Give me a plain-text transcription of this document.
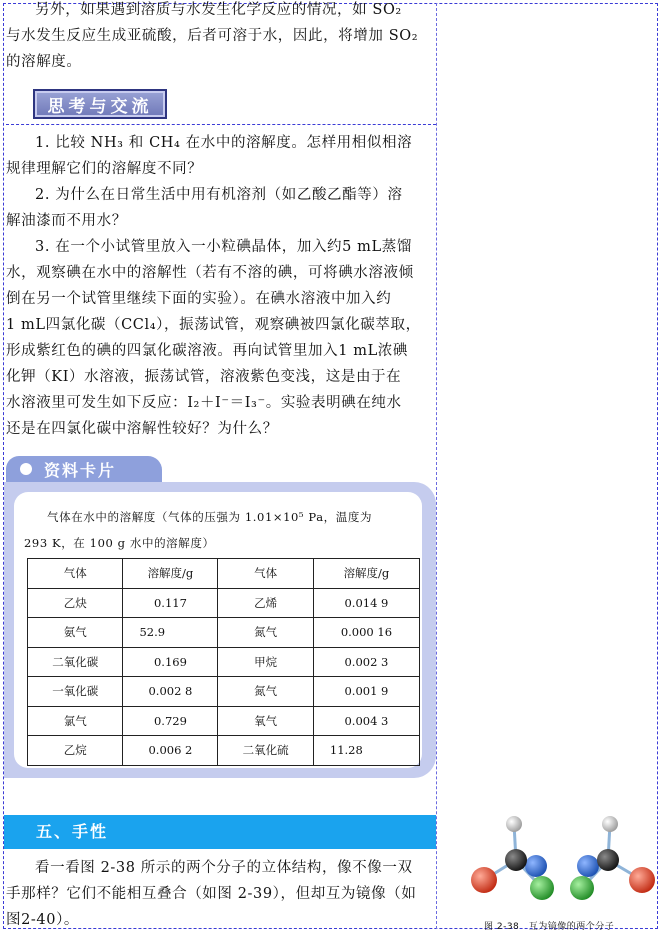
另外，如果遇到溶质与水发生化学反应的情况，如 SO₂

与水发生反应生成亚硫酸，后者可溶于水，因此，将增加 SO₂

的溶解度。

思考与交流

1. 比较 NH₃ 和 CH₄ 在水中的溶解度。怎样用相似相溶

规律理解它们的溶解度不同？

2. 为什么在日常生活中用有机溶剂（如乙酸乙酯等）溶

解油漆而不用水？

3. 在一个小试管里放入一小粒碘晶体，加入约5 mL蒸馏

水，观察碘在水中的溶解性（若有不溶的碘，可将碘水溶液倾

倒在另一个试管里继续下面的实验）。在碘水溶液中加入约

1 mL四氯化碳（CCl₄），振荡试管，观察碘被四氯化碳萃取，

形成紫红色的碘的四氯化碳溶液。再向试管里加入1 mL浓碘

化钾（KI）水溶液，振荡试管，溶液紫色变浅，这是由于在

水溶液里可发生如下反应：I₂＋I⁻＝I₃⁻。实验表明碘在纯水

还是在四氯化碳中溶解性较好？为什么？

资料卡片

气体在水中的溶解度（气体的压强为 1.01×10⁵ Pa，温度为

293 K，在 100 g 水中的溶解度）

气体	溶解度/g	气体	溶解度/g
乙炔	0.117	乙烯	0.014 9
氨气	52.9	氮气	0.000 16
二氧化碳	0.169	甲烷	0.002 3
一氧化碳	0.002 8	氮气	0.001 9
氯气	0.729	氧气	0.004 3
乙烷	0.006 2	二氧化硫	11.28
五、手性

看一看图 2-38 所示的两个分子的立体结构，像不像一双

手那样？它们不能相互叠合（如图 2-39），但却互为镜像（如

图2-40）。	图 2-38　互为镜像的两个分子
